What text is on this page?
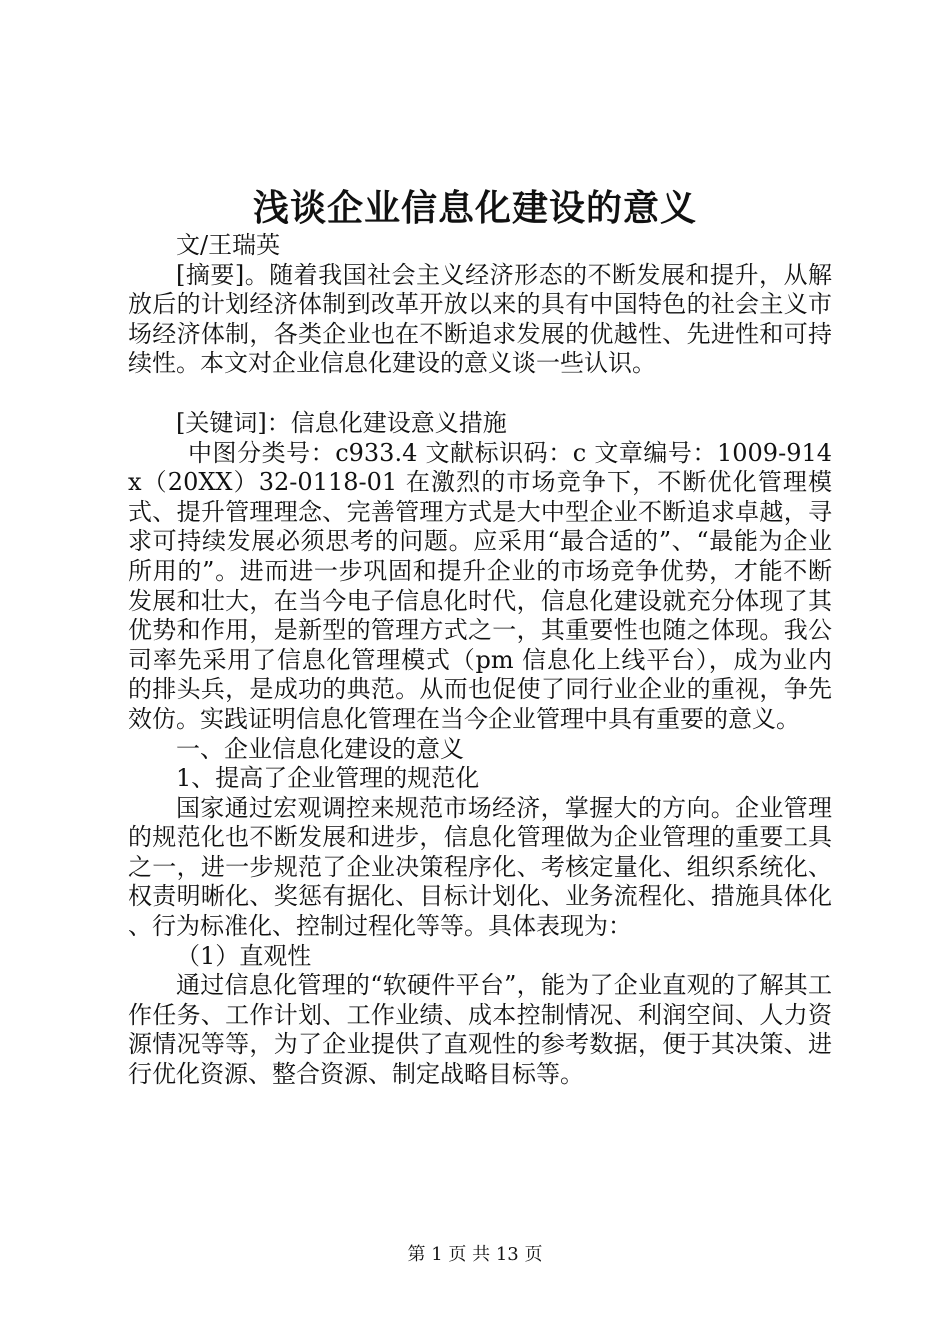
浅谈企业信息化建设的意义

文/王瑞英

[摘要]。随着我国社会主义经济形态的不断发展和提升，从解放后的计划经济体制到改革开放以来的具有中国特色的社会主义市场经济体制，各类企业也在不断追求发展的优越性、先进性和可持续性。本文对企业信息化建设的意义谈一些认识。

[关键词]：信息化建设意义措施

中图分类号：c933.4 文献标识码：c 文章编号：1009-914x（20XX）32-0118-01 在激烈的市场竞争下，不断优化管理模式、提升管理理念、完善管理方式是大中型企业不断追求卓越，寻求可持续发展必须思考的问题。应采用“最合适的”、“最能为企业所用的”。进而进一步巩固和提升企业的市场竞争优势，才能不断发展和壮大，在当今电子信息化时代，信息化建设就充分体现了其优势和作用，是新型的管理方式之一，其重要性也随之体现。我公司率先采用了信息化管理模式（pm 信息化上线平台），成为业内的排头兵，是成功的典范。从而也促使了同行业企业的重视，争先效仿。实践证明信息化管理在当今企业管理中具有重要的意义。

一、企业信息化建设的意义

1、提高了企业管理的规范化

国家通过宏观调控来规范市场经济，掌握大的方向。企业管理的规范化也不断发展和进步，信息化管理做为企业管理的重要工具之一，进一步规范了企业决策程序化、考核定量化、组织系统化、权责明晰化、奖惩有据化、目标计划化、业务流程化、措施具体化、行为标准化、控制过程化等等。具体表现为：

（1）直观性

通过信息化管理的“软硬件平台”，能为了企业直观的了解其工作任务、工作计划、工作业绩、成本控制情况、利润空间、人力资源情况等等，为了企业提供了直观性的参考数据，便于其决策、进行优化资源、整合资源、制定战略目标等。

第 1 页 共 13 页
